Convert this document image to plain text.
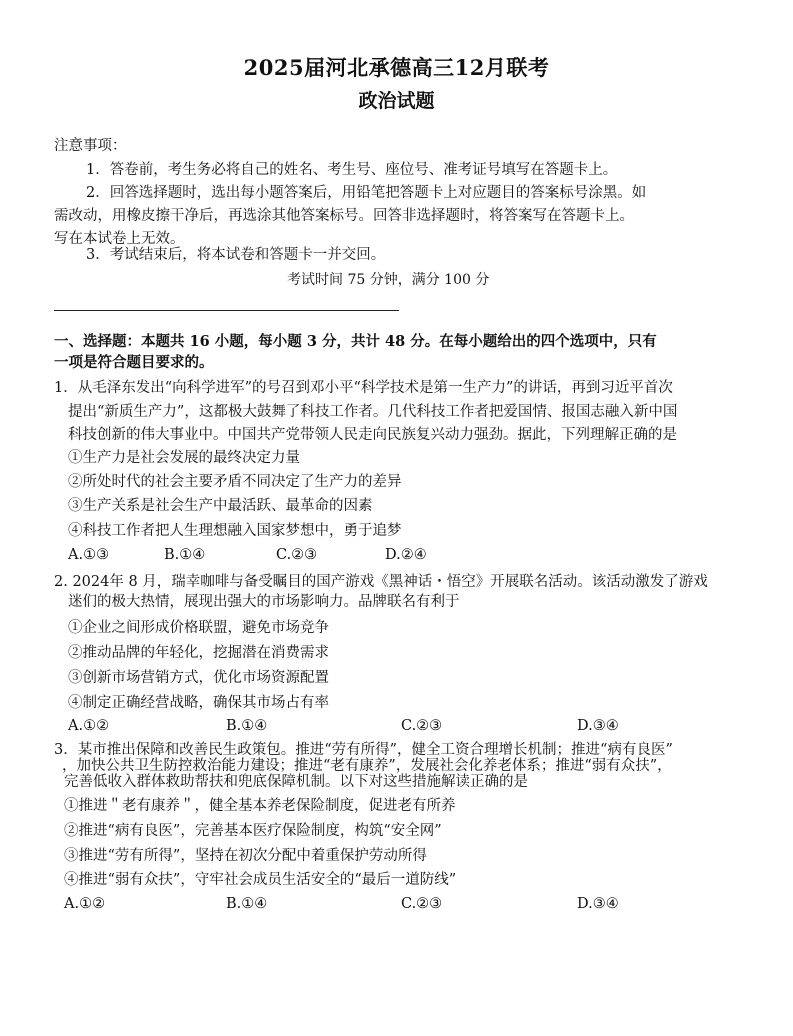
2025届河北承德高三12月联考
政治试题
注意事项：
1．答卷前，考生务必将自己的姓名、考生号、座位号、准考证号填写在答题卡上。
2．回答选择题时，选出每小题答案后，用铅笔把答题卡上对应题目的答案标号涂黑。如
需改动，用橡皮擦干净后，再选涂其他答案标号。回答非选择题时，将答案写在答题卡上。
写在本试卷上无效。
3．考试结束后，将本试卷和答题卡一并交回。
考试时间 75 分钟，满分 100 分
一、选择题：本题共 16 小题，每小题 3 分，共计 48 分。在每小题给出的四个选项中，只有
一项是符合题目要求的。
1．从毛泽东发出“向科学进军”的号召到邓小平“科学技术是第一生产力”的讲话，再到习近平首次
提出“新质生产力”，这都极大鼓舞了科技工作者。几代科技工作者把爱国情、报国志融入新中国
科技创新的伟大事业中。中国共产党带领人民走向民族复兴动力强劲。据此，下列理解正确的是
①生产力是社会发展的最终决定力量
②所处时代的社会主要矛盾不同决定了生产力的差异
③生产关系是社会生产中最活跃、最革命的因素
④科技工作者把人生理想融入国家梦想中，勇于追梦
A.①③	B.①④	C.②③	D.②④
2. 2024年 8 月，瑞幸咖啡与备受瞩目的国产游戏《黑神话・悟空》开展联名活动。该活动激发了游戏
迷们的极大热情，展现出强大的市场影响力。品牌联名有利于
①企业之间形成价格联盟，避免市场竞争
②推动品牌的年轻化，挖掘潜在消费需求
③创新市场营销方式，优化市场资源配置
④制定正确经营战略，确保其市场占有率
A.①②	B.①④	C.②③	D.③④
3．某市推出保障和改善民生政策包。推进“劳有所得”，健全工资合理增长机制；推进“病有良医”
，加快公共卫生防控救治能力建设；推进“老有康养”，发展社会化养老体系；推进“弱有众扶”，
完善低收入群体救助帮扶和兜底保障机制。以下对这些措施解读正确的是
①推进＂老有康养＂，健全基本养老保险制度，促进老有所养
②推进“病有良医”，完善基本医疗保险制度，构筑“安全网”
③推进“劳有所得”，坚持在初次分配中着重保护劳动所得
④推进“弱有众扶”，守牢社会成员生活安全的“最后一道防线”
A.①②	B.①④	C.②③	D.③④
